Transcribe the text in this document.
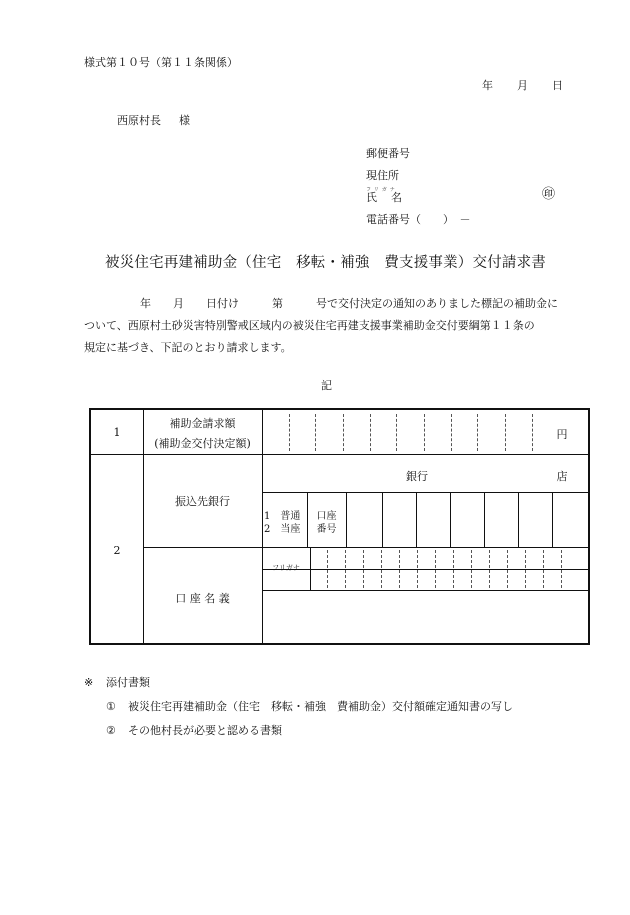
様式第１０号（第１１条関係）
年 月 日
西原村長 様
郵便番号
現住所
フリガナ
氏 名	㊞
電話番号（　　）　－
被災住宅再建補助金（住宅　移転・補強　費支援事業）交付請求書

年　　月　　日付け　　　第　　　号で交付決定の通知のありました標記の補助金に

ついて、西原村土砂災害特別警戒区域内の被災住宅再建支援事業補助金交付要綱第１１条の

規定に基づき、下記のとおり請求します。

記
1
補助金請求額
(補助金交付決定額)
円
2
振込先銀行
銀行	店
1　普通
2　当座
口座
番号
口 座 名 義
フリガナ
※ 添付書類
① 被災住宅再建補助金（住宅　移転・補強　費補助金）交付額確定通知書の写し
② その他村長が必要と認める書類
